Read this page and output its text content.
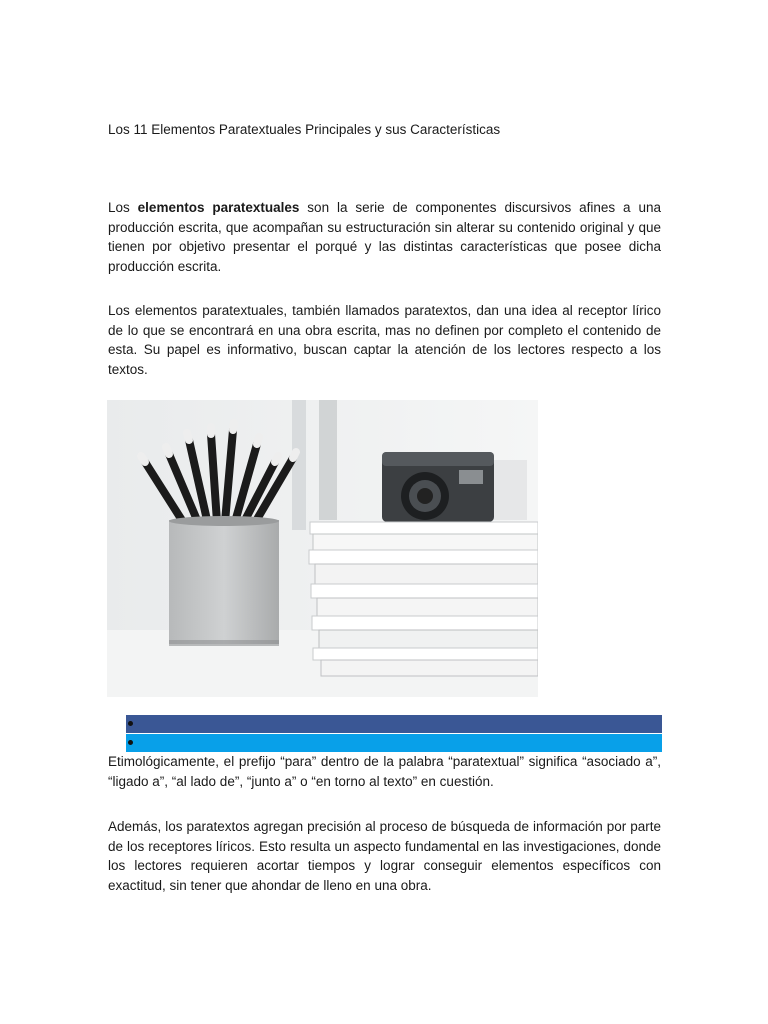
Los 11 Elementos Paratextuales Principales y sus Características

Los elementos paratextuales son la serie de componentes discursivos afines a una producción escrita, que acompañan su estructuración sin alterar su contenido original y que tienen por objetivo presentar el porqué y las distintas características que posee dicha producción escrita.

Los elementos paratextuales, también llamados paratextos, dan una idea al receptor lírico de lo que se encontrará en una obra escrita, mas no definen por completo el contenido de esta. Su papel es informativo, buscan captar la atención de los lectores respecto a los textos.

Etimológicamente, el prefijo “para” dentro de la palabra “paratextual” significa “asociado a”, “ligado a”, “al lado de”, “junto a” o “en torno al texto” en cuestión.

Además, los paratextos agregan precisión al proceso de búsqueda de información por parte de los receptores líricos. Esto resulta un aspecto fundamental en las investigaciones, donde los lectores requieren acortar tiempos y lograr conseguir elementos específicos con exactitud, sin tener que ahondar de lleno en una obra.
